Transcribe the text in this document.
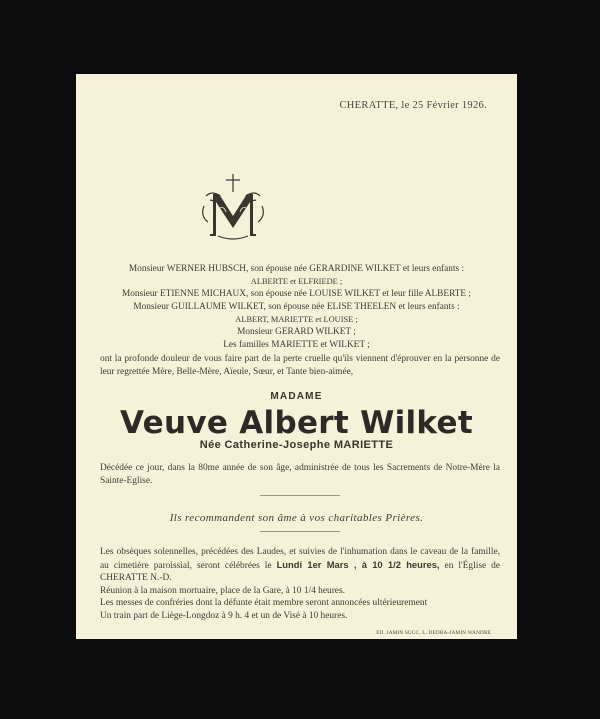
CHERATTE, le 25 Février 1926.
Monsieur WERNER HUBSCH, son épouse née GERARDINE WILKET et leurs enfants :
ALBERTE et ELFRIEDE ;
Monsieur ETIENNE MICHAUX, son épouse née LOUISE WILKET et leur fille ALBERTE ;
Monsieur GUILLAUME WILKET, son épouse née ELISE THEELEN et leurs enfants :
ALBERT, MARIETTE et LOUISE ;
Monsieur GERARD WILKET ;
Les familles MARIETTE et WILKET ;
ont la profonde douleur de vous faire part de la perte cruelle qu'ils viennent d'éprouver en la personne de leur regrettée Mère, Belle-Mère, Aïeule, Sœur, et Tante bien-aimée,
MADAME
Veuve Albert Wilket
Née Catherine-Josephe MARIETTE
Décédée ce jour, dans la 80me année de son âge, administrée de tous les Sacrements de Notre-Mère la Sainte-Eglise.
Ils recommandent son âme à vos charitables Prières.
Les obsèques solennelles, précédées des Laudes, et suivies de l'inhumation dans le caveau de la famille, au cimetière paroissial, seront célébrées le Lundi 1er Mars , à 10 1/2 heures, en l'Église de CHERATTE N.-D.
Réunion à la maison mortuaire, place de la Gare, à 10 1/4 heures.
Les messes de confréries dont la défunte était membre seront annoncées ultérieurement
Un train part de Liège-Longdoz à 9 h. 4 et un de Visé à 10 heures.
ED. JAMIN SUCC. L. DEDRA-JAMIN WANDRE
